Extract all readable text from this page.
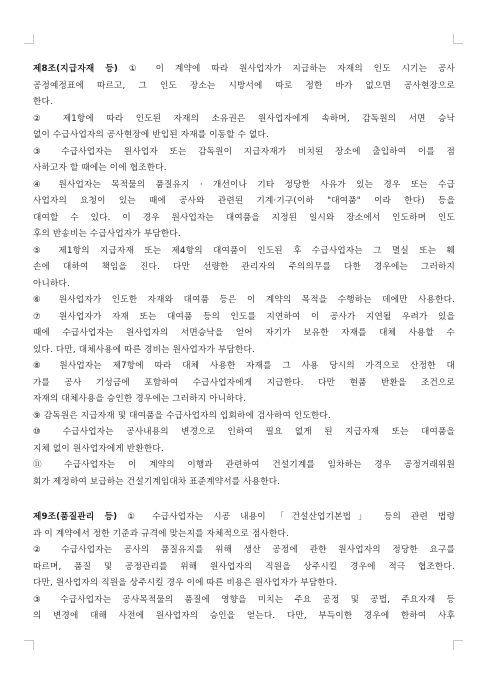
제8조(지급자재 등) ① 이 계약에 따라 원사업자가 지급하는 자재의 인도 시기는 공사
공정예정표에 따르고, 그 인도 장소는 시방서에 따로 정한 바가 없으면 공사현장으로
한다.
② 제1항에 따라 인도된 자재의 소유권은 원사업자에게 속하며, 감독원의 서면 승낙
없이 수급사업자의 공사현장에 반입된 자재를 이동할 수 없다.
③ 수급사업자는 원사업자 또는 감독원이 지급자재가 비치된 장소에 출입하여 이를 점
사하고자 할 때에는 이에 협조한다.
④ 원사업자는 목적물의 품질유지 · 개선이나 기타 정당한 사유가 있는 경우 또는 수급
사업자의 요청이 있는 때에 공사와 관련된 기계·기구(이하 "대여품" 이라 한다) 등을
대여할 수 있다. 이 경우 원사업자는 대여품을 지정된 일시와 장소에서 인도하며 인도
후의 반송비는 수급사업자가 부담한다.
⑤ 제1항의 지급자재 또는 제4항의 대여품이 인도된 후 수급사업자는 그 멸실 또는 훼
손에 대하여 책임을 진다. 다만 선량한 관리자의 주의의무를 다한 경우에는 그러하지
아니하다.
⑥ 원사업자가 인도한 자재와 대여품 등은 이 계약의 목적을 수행하는 데에만 사용한다.
⑦ 원사업자가 자재 또는 대여품 등의 인도를 지연하여 이 공사가 지연될 우려가 있을
때에 수급사업자는 원사업자의 서면승낙을 얻어 자기가 보유한 자재를 대체 사용할 수
있다. 다만, 대체사용에 따른 경비는 원사업자가 부담한다.
⑧ 원사업자는 제7항에 따라 대체 사용한 자재를 그 사용 당시의 가격으로 산정한 대
가를 공사 기성금에 포함하여 수급사업자에게 지급한다. 다만 현품 반환을 조건으로
자재의 대체사용을 승인한 경우에는 그러하지 아니하다.
⑨ 감독원은 지급자재 및 대여품을 수급사업자의 입회하에 검사하여 인도한다.
⑩ 수급사업자는 공사내용의 변경으로 인하여 필요 없게 된 지급자재 또는 대여품을
지체 없이 원사업자에게 반환한다.
⑪ 수급사업자는 이 계약의 이행과 관련하여 건설기계를 임차하는 경우 공정거래위원
회가 제정하여 보급하는 건설기계임대차 표준계약서를 사용한다.
제9조(품질관리 등) ① 수급사업자는 시공 내용이 「건설산업기본법」 등의 관련 법령
과 이 계약에서 정한 기준과 규격에 맞는지를 자체적으로 점사한다.
② 수급사업자는 공사의 품질유지를 위해 생산 공정에 관한 원사업자의 정당한 요구를
따르며, 품질 및 공정관리를 위해 원사업자의 직원을 상주시킬 경우에 적극 협조한다.
다만, 원사업자의 직원을 상주시킬 경우 이에 따른 비용은 원사업자가 부담한다.
③ 수급사업자는 공사목적물의 품질에 영향을 미치는 주요 공정 및 공법, 주요자재 등
의 변경에 대해 사전에 원사업자의 승인을 얻는다. 다만, 부득이한 경우에 한하여 사후
